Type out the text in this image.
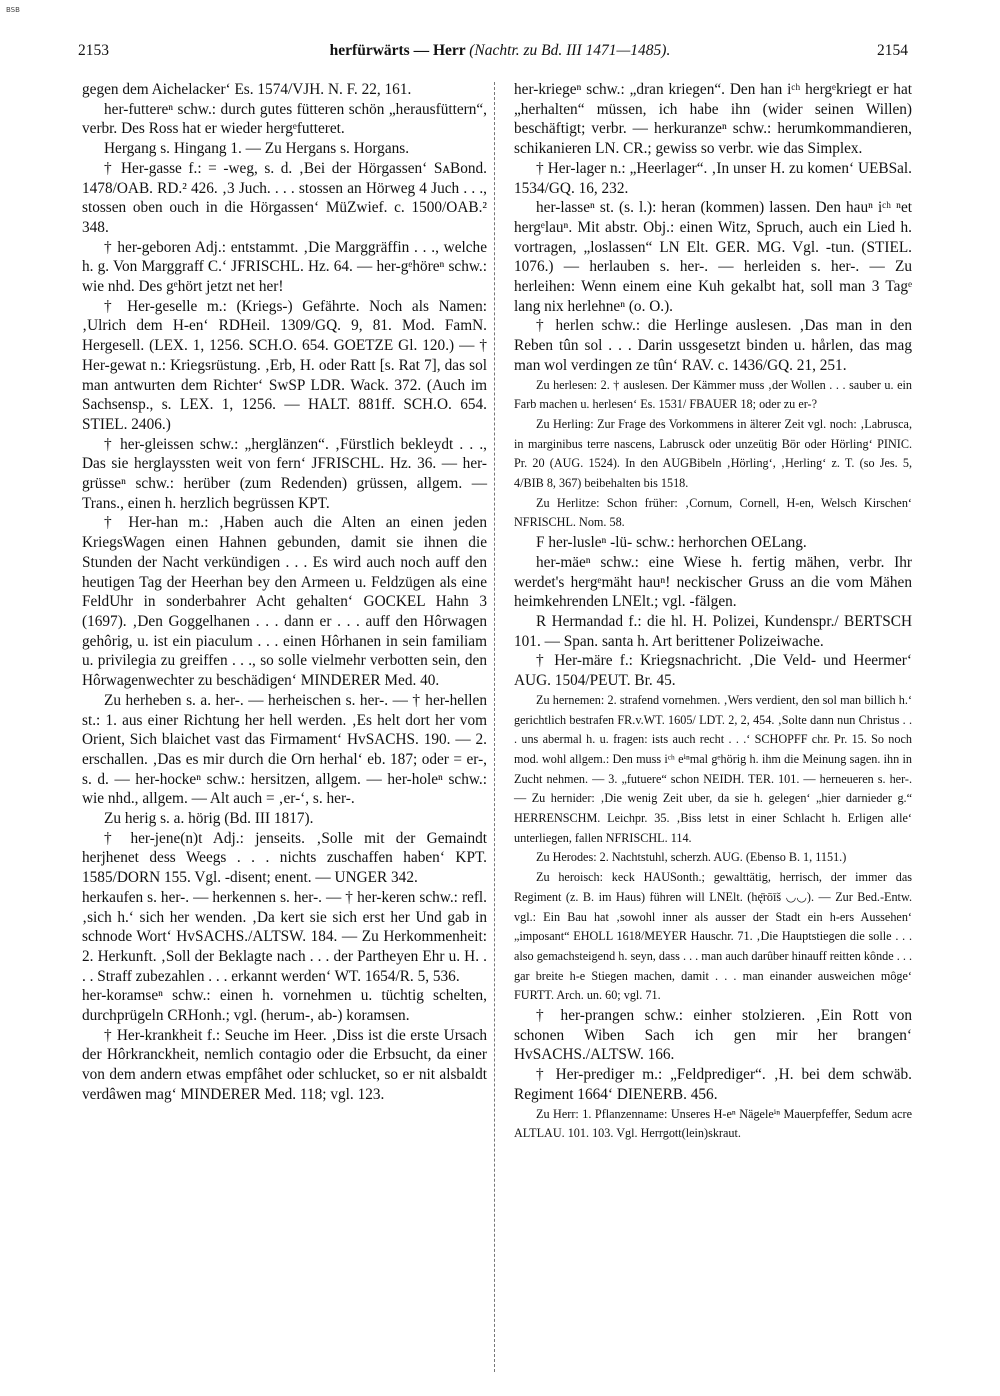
BSB
2153	herfürwärts — Herr (Nachtr. zu Bd. III 1471—1485).	2154

gegen dem Aichelacker‘ Es. 1574/VJH. N. F. 22, 161.

her-futtereⁿ schw.: durch gutes fütteren schön „herausfüttern“, verbr. Des Ross hat er wieder hergᵉfutteret.

Hergang s. Hingang 1. — Zu Hergans s. Horgans.

† Her-gasse f.: = -weg, s. d. ‚Bei der Hörgassen‘ SᴀBond. 1478/OAB. RD.² 426. ‚3 Juch. . . . stossen an Hörweg 4 Juch . . ., stossen oben ouch in die Hörgassen‘ MüZwief. c. 1500/OAB.² 348.

† her-geboren Adj.: entstammt. ‚Die Marggräffin . . ., welche h. g. Von Marggraff C.‘ JFRISCHL. Hz. 64. — her-gᵉhöreⁿ schw.: wie nhd. Des gᵉhört jetzt net her!

† Her-geselle m.: (Kriegs-) Gefährte. Noch als Namen: ‚Ulrich dem H-en‘ RDHeil. 1309/GQ. 9, 81. Mod. FamN. Hergesell. (LEX. 1, 1256. SCH.O. 654. GOETZE Gl. 120.) — † Her-gewat n.: Kriegsrüstung. ‚Erb, H. oder Ratt [s. Rat 7], das sol man antwurten dem Richter‘ SwSP LDR. Wack. 372. (Auch im Sachsensp., s. LEX. 1, 1256. — HALT. 881ff. SCH.O. 654. STIEL. 2406.)

† her-gleissen schw.: „herglänzen“. ‚Fürstlich bekleydt . . ., Das sie herglayssten weit von fern‘ JFRISCHL. Hz. 36. — her-grüsseⁿ schw.: herüber (zum Redenden) grüssen, allgem. — Trans., einen h. herzlich begrüssen KPT.

† Her-han m.: ‚Haben auch die Alten an einen jeden KriegsWagen einen Hahnen gebunden, damit sie ihnen die Stunden der Nacht verkündigen . . . Es wird auch noch auff den heutigen Tag der Heerhan bey den Armeen u. Feldzügen als eine FeldUhr in sonderbahrer Acht gehalten‘ GOCKEL Hahn 3 (1697). ‚Den Goggelhanen . . . dann er . . . auff den Hôrwagen gehôrig, u. ist ein piaculum . . . einen Hôrhanen in sein familiam u. privilegia zu greiffen . . ., so solle vielmehr verbotten sein, den Hôrwagenwechter zu beschädigen‘ MINDERER Med. 40.

Zu herheben s. a. her-. — herheischen s. her-. — † her-hellen st.: 1. aus einer Richtung her hell werden. ‚Es helt dort her vom Orient, Sich blaichet vast das Firmament‘ HvSACHS. 190. — 2. erschallen. ‚Das es mir durch die Orn herhal‘ eb. 187; oder = er-, s. d. — her-hockeⁿ schw.: hersitzen, allgem. — her-holeⁿ schw.: wie nhd., allgem. — Alt auch = ‚er-‘, s. her-.

Zu herig s. a. hörig (Bd. III 1817).

† her-jene(n)t Adj.: jenseits. ‚Solle mit der Gemaindt herjhenet dess Weegs . . . nichts zuschaffen haben‘ KPT. 1585/DORN 155. Vgl. -disent; enent. — UNGER 342.

herkaufen s. her-. — herkennen s. her-. — † her-keren schw.: refl. ‚sich h.‘ sich her wenden. ‚Da kert sie sich erst her Und gab in schnode Wort‘ HvSACHS./ALTSW. 184. — Zu Herkommenheit: 2. Herkunft. ‚Soll der Beklagte nach . . . der Partheyen Ehr u. H. . . . Straff zubezahlen . . . erkannt werden‘ WT. 1654/R. 5, 536.

her-koramseⁿ schw.: einen h. vornehmen u. tüchtig schelten, durchprügeln CRHonh.; vgl. (herum-, ab-) koramsen.

† Her-krankheit f.: Seuche im Heer. ‚Diss ist die erste Ursach der Hôrkranckheit, nemlich contagio oder die Erbsucht, da einer von dem andern etwas empfâhet oder schlucket, so er nit alsbaldt verdâwen mag‘ MINDERER Med. 118; vgl. 123.

her-kriegeⁿ schw.: „dran kriegen“. Den han iᶜʰ hergᵉkriegt er hat „herhalten“ müssen, ich habe ihn (wider seinen Willen) beschäftigt; verbr. — herkuranzeⁿ schw.: herumkommandieren, schikanieren LN. CR.; gewiss so verbr. wie das Simplex.

† Her-lager n.: „Heerlager“. ‚In unser H. zu komen‘ UEBSal. 1534/GQ. 16, 232.

her-lasseⁿ st. (s. l.): heran (kommen) lassen. Den hauⁿ iᶜʰ ⁿet hergᵉlauⁿ. Mit abstr. Obj.: einen Witz, Spruch, auch ein Lied h. vortragen, „loslassen“ LN Elt. GER. MG. Vgl. -tun. (STIEL. 1076.) — herlauben s. her-. — herleiden s. her-. — Zu herleihen: Wenn einem eine Kuh gekalbt hat, soll man 3 Tagᵉ lang nix herlehneⁿ (o. O.).

† herlen schw.: die Herlinge auslesen. ‚Das man in den Reben tûn sol . . . Darin ussgesetzt binden u. hårlen, das mag man wol verdingen ze tûn‘ RAV. c. 1436/GQ. 21, 251.

Zu herlesen: 2. † auslesen. Der Kämmer muss ‚der Wollen . . . sauber u. ein Farb machen u. herlesen‘ Es. 1531/ FBAUER 18; oder zu er-?

Zu Herling: Zur Frage des Vorkommens in älterer Zeit vgl. noch: ‚Labrusca, in marginibus terre nascens, Labrusck oder unzeütig Bör oder Hörling‘ PINIC. Pr. 20 (AUG. 1524). In den AUGBibeln ‚Hörling‘, ‚Herling‘ z. T. (so Jes. 5, 4/BIB 8, 367) beibehalten bis 1518.

Zu Herlitze: Schon früher: ‚Cornum, Cornell, H-en, Welsch Kirschen‘ NFRISCHL. Nom. 58.

F her-lusleⁿ -lü- schw.: herhorchen OELang.

her-mäeⁿ schw.: eine Wiese h. fertig mähen, verbr. Ihr werdet's hergᵉmäht hauⁿ! neckischer Gruss an die vom Mähen heimkehrenden LNElt.; vgl. -fälgen.

R Hermandad f.: die hl. H. Polizei, Kundenspr./ BERTSCH 101. — Span. santa h. Art berittener Polizeiwache.

† Her-märe f.: Kriegsnachricht. ‚Die Veld- und Heermer‘ AUG. 1504/PEUT. Br. 45.

Zu hernemen: 2. strafend vornehmen. ‚Wers verdient, den sol man billich h.‘ gerichtlich bestrafen FR.v.WT. 1605/ LDT. 2, 2, 454. ‚Solte dann nun Christus . . . uns abermal h. u. fragen: ists auch recht . . .‘ SCHOPFF chr. Pr. 15. So noch mod. wohl allgem.: Den muss iᶜʰ eⁱⁿmal gᵉhörig h. ihm die Meinung sagen. ihn in Zucht nehmen. — 3. „futuere“ schon NEIDH. TER. 101. — herneueren s. her-. — Zu hernider: ‚Die wenig Zeit uber, da sie h. gelegen‘ „hier darnieder g.“ HERRENSCHM. Leichpr. 35. ‚Biss letst in einer Schlacht h. Erligen alle‘ unterliegen, fallen NFRISCHL. 114.

Zu Herodes: 2. Nachtstuhl, scherzh. AUG. (Ebenso B. 1, 1151.)

Zu heroisch: keck HAUSonth.; gewalttätig, herrisch, der immer das Regiment (z. B. im Haus) führen will LNElt. (hę̄rōīš ◡◡). — Zur Bed.-Entw. vgl.: Ein Bau hat ‚sowohl inner als ausser der Stadt ein h-ers Aussehen‘ „imposant“ EHOLL 1618/MEYER Hauschr. 71. ‚Die Hauptstiegen die solle . . . also gemachsteigend h. seyn, dass . . . man auch darûber hinauff reitten kônde . . . gar breite h-e Stiegen machen, damit . . . man einander ausweichen môge‘ FURTT. Arch. un. 60; vgl. 71.

† her-prangen schw.: einher stolzieren. ‚Ein Rott von schonen Wiben Sach ich gen mir her brangen‘ HvSACHS./ALTSW. 166.

† Her-prediger m.: „Feldprediger“. ‚H. bei dem schwäb. Regiment 1664‘ DIENERB. 456.

Zu Herr: 1. Pflanzenname: Unseres H-eⁿ Nägeleⁱⁿ Mauerpfeffer, Sedum acre ALTLAU. 101. 103. Vgl. Herrgott(lein)skraut.
